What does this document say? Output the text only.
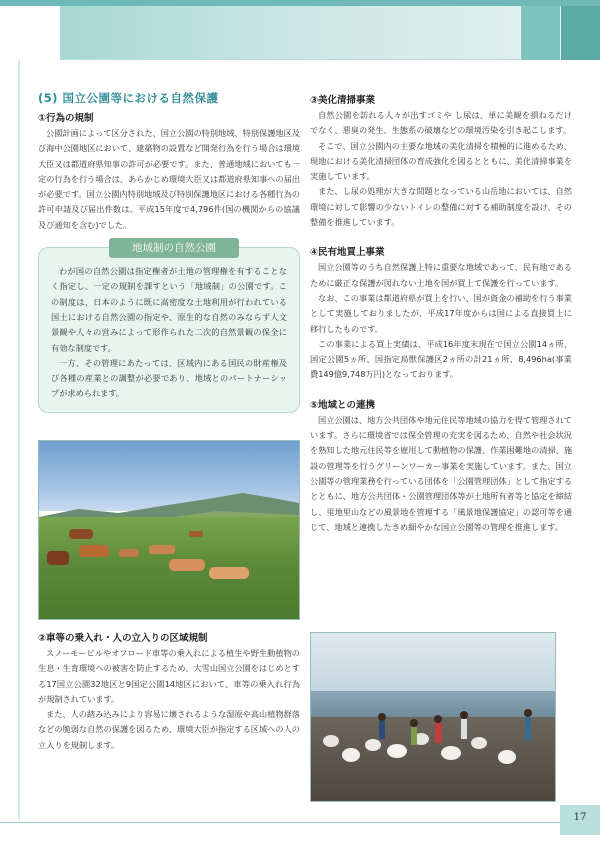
(5) 国立公園等における自然保護
①行為の規制

公園計画によって区分された、国立公園の特別地域、特別保護地区及び海中公園地区において、建築物の設置など開発行為を行う場合は環境大臣又は都道府県知事の許可が必要です。また、普通地域においても一定の行為を行う場合は、あらかじめ環境大臣又は都道府県知事への届出が必要です。国立公園内特別地域及び特別保護地区における各種行為の許可申請及び届出件数は、平成15年度で4,796件(国の機関からの協議及び通知を含む)でした。

地域制の自然公園

わが国の自然公園は指定権者が土地の管理権を有することなく指定し、一定の規制を課すという「地域制」の公園です。この制度は、日本のように既に高密度な土地利用が行われている国土における自然公園の指定や、原生的な自然のみならず人文景観や人々の営みによって形作られた二次的自然景観の保全に有効な制度です。

一方、その管理にあたっては、区域内にある国民の財産権及び各種の産業との調整が必要であり、地域とのパートナーシップが求められます。

②車等の乗入れ・人の立入りの区域規制

スノーモービルやオフロード車等の乗入れによる植生や野生動植物の生息・生育環境への被害を防止するため、大雪山国立公園をはじめとする17国立公園32地区と9国定公園14地区において、車等の乗入れ行為が規制されています。

また、人の踏み込みにより容易に壊されるような湿原や高山植物群落などの脆弱な自然の保護を図るため、環境大臣が指定する区域への人の立入りを規制します。

③美化清掃事業

自然公園を訪れる人々が出すゴミや し尿は、単に美観を損ねるだけでなく、悪臭の発生、生態系の破壊などの環境汚染を引き起こします。

そこで、国立公園内の主要な地域の美化清掃を積極的に進めるため、現地における美化清掃団体の育成強化を図るとともに、美化清掃事業を実施しています。

また、し尿の処理が大きな問題となっている山岳地においては、自然環境に対して影響の少ないトイレの整備に対する補助制度を設け、その整備を推進しています。

④民有地買上事業

国立公園等のうち自然保護上特に重要な地域であって、民有地であるために厳正な保護が図れない土地を国が買上て保護を行っています。

なお、この事業は都道府県が買上を行い、国が資金の補助を行う事業として実施しておりましたが、平成17年度からは国による直接買上に移行したものです。

この事業による買上実績は、平成16年度末現在で国立公園14ヵ所、国定公園5ヵ所、国指定鳥獣保護区2ヵ所の計21ヵ所、8,496ha(事業費149億9,748万円)となっております。

⑤地域との連携

国立公園は、地方公共団体や地元住民等地域の協力を得て管理されています。さらに環境省では保全管理の充実を図るため、自然や社会状況を熟知した地元住民等を雇用して動植物の保護、作業困難地の清掃、施設の管理等を行うグリーンワーカー事業を実施しています。また、国立公園等の管理業務を行っている団体を「公園管理団体」として指定するとともに、地方公共団体・公園管理団体等が土地所有者等と協定を締結し、里地里山などの風景地を管理する「風景地保護協定」の認可等を通じて、地域と連携したきめ細やかな国立公園等の管理を推進します。

17
